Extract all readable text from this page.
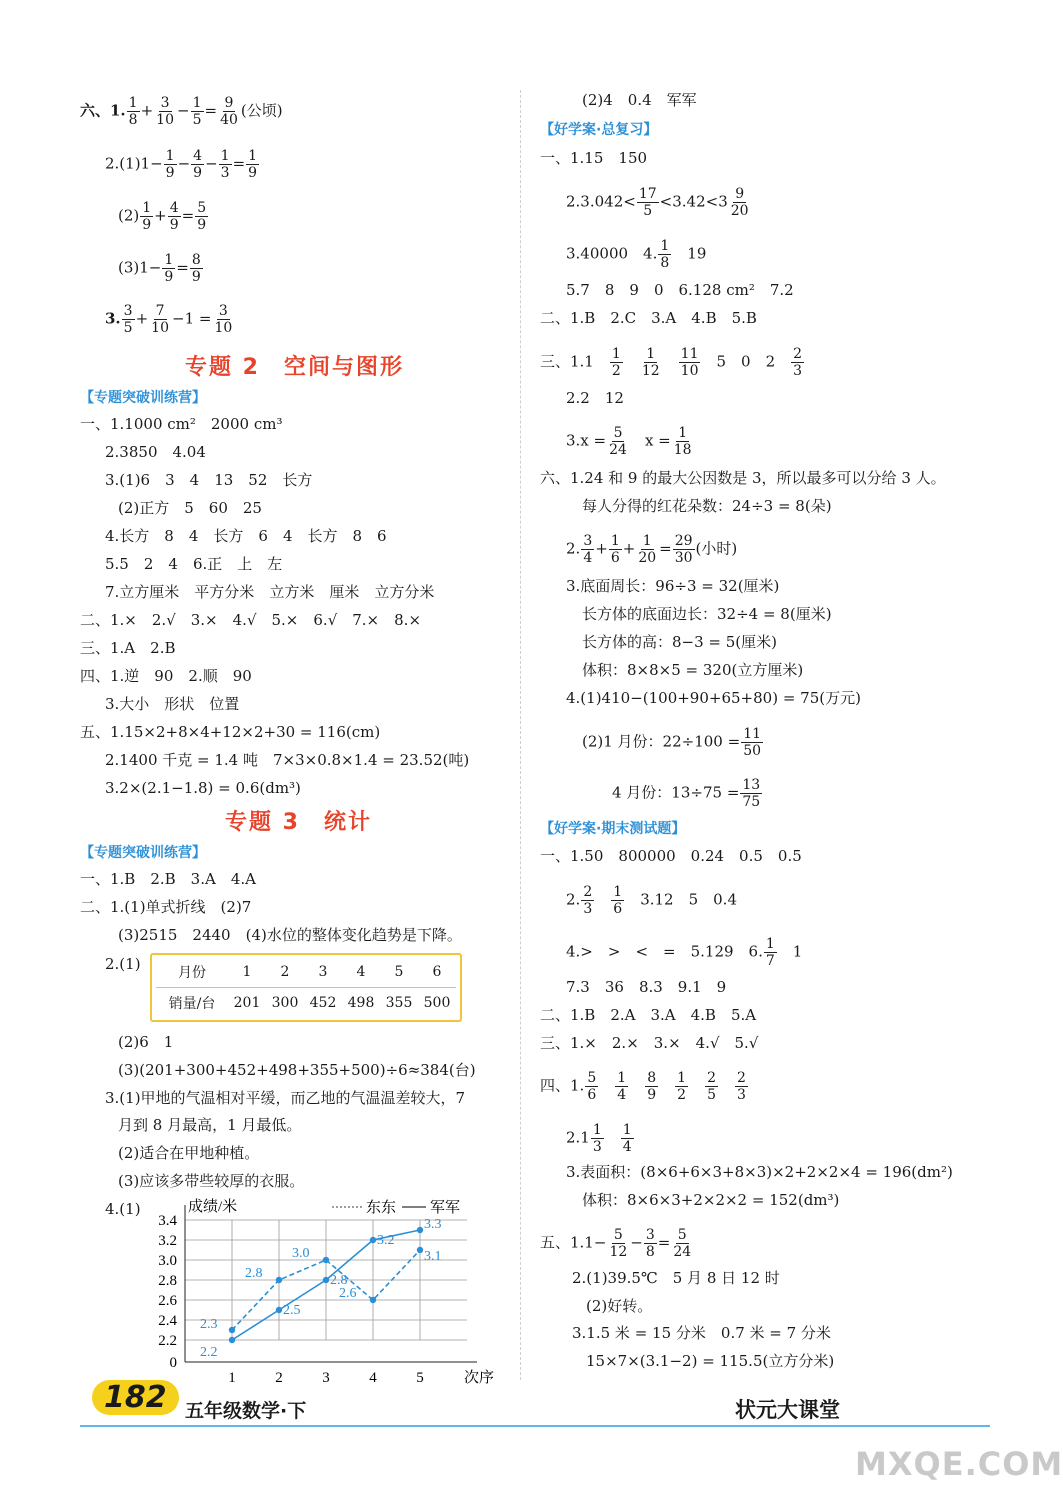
六、1. $\frac{1}{8} + \frac{3}{10} - \frac{1}{5} = \frac{9}{40}$ (公顷)
$2.(1)1- \frac{1}{9} - \frac{4}{9} - \frac{1}{3} = \frac{1}{9}$
$(2) \frac{1}{9} + \frac{4}{9} = \frac{5}{9}$
$(3)1- \frac{1}{9} = \frac{8}{9}$
3. $\frac{3}{5} + \frac{7}{10} -1 = \frac{3}{10}$
专题 2　空间与图形
【专题突破训练营】
一、1.1000 cm²　2000 cm³
2.3850　4.04
3.(1)6　3　4　13　52　长方
(2)正方　5　60　25
4.长方　8　4　长方　6　4　长方　8　6
5.5　2　4　6.正　上　左
7.立方厘米　平方分米　立方米　厘米　立方分米
二、1.×　2.√　3.×　4.√　5.×　6.√　7.×　8.×
三、1.A　2.B
四、1.逆　90　2.顺　90
3.大小　形状　位置
五、1.15×2+8×4+12×2+30 = 116(cm)
2.1400 千克 = 1.4 吨　7×3×0.8×1.4 = 23.52(吨)
3.2×(2.1−1.8) = 0.6(dm³)
专题 3　统计
【专题突破训练营】
一、1.B　2.B　3.A　4.A
二、1.(1)单式折线　(2)7
(3)2515　2440　(4)水位的整体变化趋势是下降。
2.(1)	月份	1	2	3	4	5	6
销量/台	201	300	452	498	355	500
(2)6　1
(3)(201+300+452+498+355+500)÷6≈384(台)
3.(1)甲地的气温相对平缓，而乙地的气温温差较大，7
月到 8 月最高，1 月最低。
(2)适合在甲地种植。
(3)应该多带些较厚的衣服。
4.(1)
0
2.2
2.4
2.6
2.8
3.0
3.2
3.4
1	2	3	4	5	次序
成绩/米	东东 军军
2.3
2.8
3.0
2.6
3.1
2.2
2.5
2.8
3.2
3.3
(2)4　0.4　军军
【好学案·总复习】
一、1.15　150
$2.3.042< \frac{17}{5} <3.42<3 \frac{9}{20}$
3.40000　4. $\frac{1}{8}$
　 19
5.7　8　9　0　6.128 cm²　7.2
二、1.B　2.C　3.A　4.B　5.B
三、1.1　 $\frac{1}{2}$
　 $\frac{1}{12}$
　 $\frac{11}{10}$
　 5　0　2　 $\frac{2}{3}$
2.2　12
$3.x = \frac{5}{24}$
　 $x = \frac{1}{18}$
六、1.24 和 9 的最大公因数是 3，所以最多可以分给 3 人。
每人分得的红花朵数：24÷3 = 8(朵)
2. $\frac{3}{4} + \frac{1}{6} + \frac{1}{20} = \frac{29}{30}$ (小时)
3.底面周长：96÷3 = 32(厘米)
长方体的底面边长：32÷4 = 8(厘米)
长方体的高：8−3 = 5(厘米)
体积：8×8×5 = 320(立方厘米)
4.(1)410−(100+90+65+80) = 75(万元)
(2)1 月份：$22\div 100 = \frac{11}{50}$
4 月份：$13\div 75 = \frac{13}{75}$
【好学案·期末测试题】
一、1.50　800000　0.24　0.5　0.5
2. $\frac{2}{3}$
　 $\frac{1}{6}$
　 3.12　5　0.4
4.>　>　<　=　5.129　6. $\frac{1}{7}$
　 1
7.3　36　8.3　9.1　9
二、1.B　2.A　3.A　4.B　5.A
三、1.×　2.×　3.×　4.√　5.√
四、1. $\frac{5}{6}$
　 $\frac{1}{4}$
　 $\frac{8}{9}$
　 $\frac{1}{2}$
　 $\frac{2}{5}$
　 $\frac{2}{3}$
$2.1 \frac{1}{3}$
　 $\frac{1}{4}$
3.表面积：(8×6+6×3+8×3)×2+2×2×4 = 196(dm²)
体积：8×6×3+2×2×2 = 152(dm³)
五、$1.1- \frac{5}{12} - \frac{3}{8} = \frac{5}{24}$
2.(1)39.5℃　5 月 8 日 12 时
(2)好转。
3.1.5 米 = 15 分米　0.7 米 = 7 分米
15×7×(3.1−2) = 115.5(立方分米)
182 五年级数学·下	状元大课堂
MXQE.COM
